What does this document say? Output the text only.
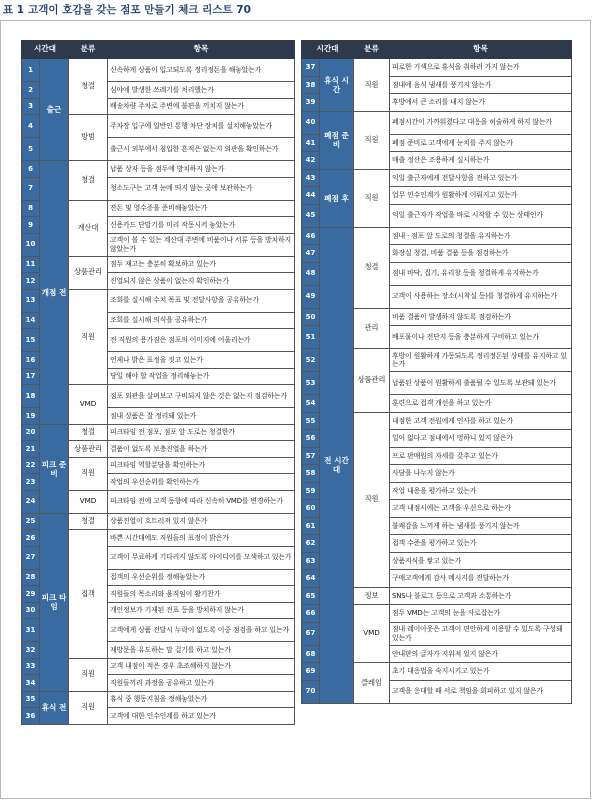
표 1 고객이 호감을 갖는 점포 만들기 체크 리스트 70
시간대		분류	항목
1	출근	청결	신속하게 상품이 입고되도록 정리정돈을 해놓았는가
2			심야에 발생한 쓰레기를 처리했는가
3			배송차량 주차로 주변에 불편을 끼치지 않는가
4		방범	주차장 입구에 일반인 통행 차단 장치를 설치해놓았는가
5			출근시 외부에서 침입한 흔적은 없는지 외관을 확인하는가
6	개점 전	청결	납품 상자 등을 점두에 방치하지 않는가
7			청소도구는 고객 눈에 띄지 않는 곳에 보관하는가
8		계산대	잔돈 및 영수증을 준비해놓았는가
9			신용카드 단말기를 미리 작동시켜 놓았는가
10			고객이 볼 수 있는 계산대 주변에 비품이나 서류 등을 방치하지 않았는가
11		상품관리	점두 재고는 충분히 확보하고 있는가
12			진열되지 않은 상품이 없는지 확인하는가
13		직원	조회를 실시해 수치 목표 및 전달사항을 공유하는가
14			조회를 실시해 의식을 공유하는가
15			전 직원의 용가짐은 점포의 이미지에 어울리는가
16			언제나 밝은 표정을 짓고 있는가
17			당일 해야 할 작업을 정리해놓는가
18		VMD	점포 외관을 살펴보고 구비되지 않은 것은 없는지 점검하는가
19			점내 상품은 잘 정리돼 있는가
20	피크 준비	청결	피크타임 전 점포, 점포 앞 도로는 청결한가
21		상품관리	결품이 없도록 보충진열을 하는가
22		직원	피크타임 역할분담을 확인하는가
23			작업의 우선순위를 확인하는가
24		VMD	피크타임 전에 고객 동향에 따라 신속히 VMD를 변경하는가
25	피크 타임	청결	상품진열이 흐트러져 있지 않은가
26		접객	바쁜 시간대에도 직원들의 표정이 밝은가
27			고객이 무료하게 기다리지 않도록 아이디어를 모색하고 있는가
28			접객의 우선순위를 정해놓았는가
29			직원들의 목소리와 움직임이 활기찬가
30			개인정보가 기재된 전표 등을 방치하지 않는가
31			고객에게 상품 전달시 누락이 없도록 이중 점검을 하고 있는가
32			재방문을 유도하는 말 걸기를 하고 있는가
33		직원	고객 내점이 적은 경우 초조해하지 않는가
34			직원들끼리 과정을 공유하고 있는가
35	휴식 전	직원	휴식 중 행동지침을 정해놓았는가
36			고객에 대한 인수인계를 하고 있는가
시간대		분류	항목
37	휴식 시간	직원	피로한 기색으로 휴식을 취하러 가지 않는가
38			점내에 음식 냄새를 풍기지 않는가
39			후방에서 큰 소리를 내지 않는가
40	폐점 준비	직원	폐점시간이 가까워졌다고 대응을 허술하게 하지 않는가
41			폐점 준비로 고객에게 눈치를 주지 않는가
42			매출 정산은 조용하게 실시하는가
43	폐점 후	직원	익일 출근자에게 전달사항을 전하고 있는가
44			업무 인수인계가 원활하게 이뤄지고 있는가
45			익일 출근자가 작업을 바로 시작할 수 있는 상태인가
46	전 시간대	청결	점내 · 점포 앞 도로의 청결을 유지하는가
47			화장실 청결, 비품 결품 등을 점검하는가
48			점내 바닥, 집기, 유리창 등을 청결하게 유지하는가
49			고객이 사용하는 장소(시착실 등)를 청결하게 유지하는가
50		관리	비품 결품이 발생하지 않도록 점검하는가
51			배포물이나 전단지 등을 충분하게 구비하고 있는가
52		상품관리	후방이 원활하게 가동되도록 정리정돈된 상태를 유지하고 있는가
53			납품된 상품이 원활하게 출품될 수 있도록 보관돼 있는가
54			훈련으로 접객 개선을 하고 있는가
55		직원	내점한 고객 전원에게 인사를 하고 있는가
56			일이 없다고 점내에서 멍하니 있지 않은가
57			프로 판매원의 자세를 갖추고 있는가
58			사담을 나누지 않는가
59			작업 내용을 평가하고 있는가
60			고객 내점시에는 고객을 우선으로 하는가
61			불쾌감을 느끼게 하는 냄새를 풍기지 않는가
62			접객 수준을 평가하고 있는가
63			상품지식을 쌓고 있는가
64			구매고객에게 감사 메시지를 전달하는가
65		정보	SNS나 블로그 등으로 고객과 소통하는가
66		VMD	점두 VMD는 고객의 눈을 사로잡는가
67			점내 레이아웃은 고객이 편안하게 이용할 수 있도록 구성돼 있는가
68			안내판의 글자가 지워져 있지 않은가
69		클레임	초기 대응법을 숙지시키고 있는가
70			고객을 응대할 때 서로 책임을 회피하고 있지 않은가
